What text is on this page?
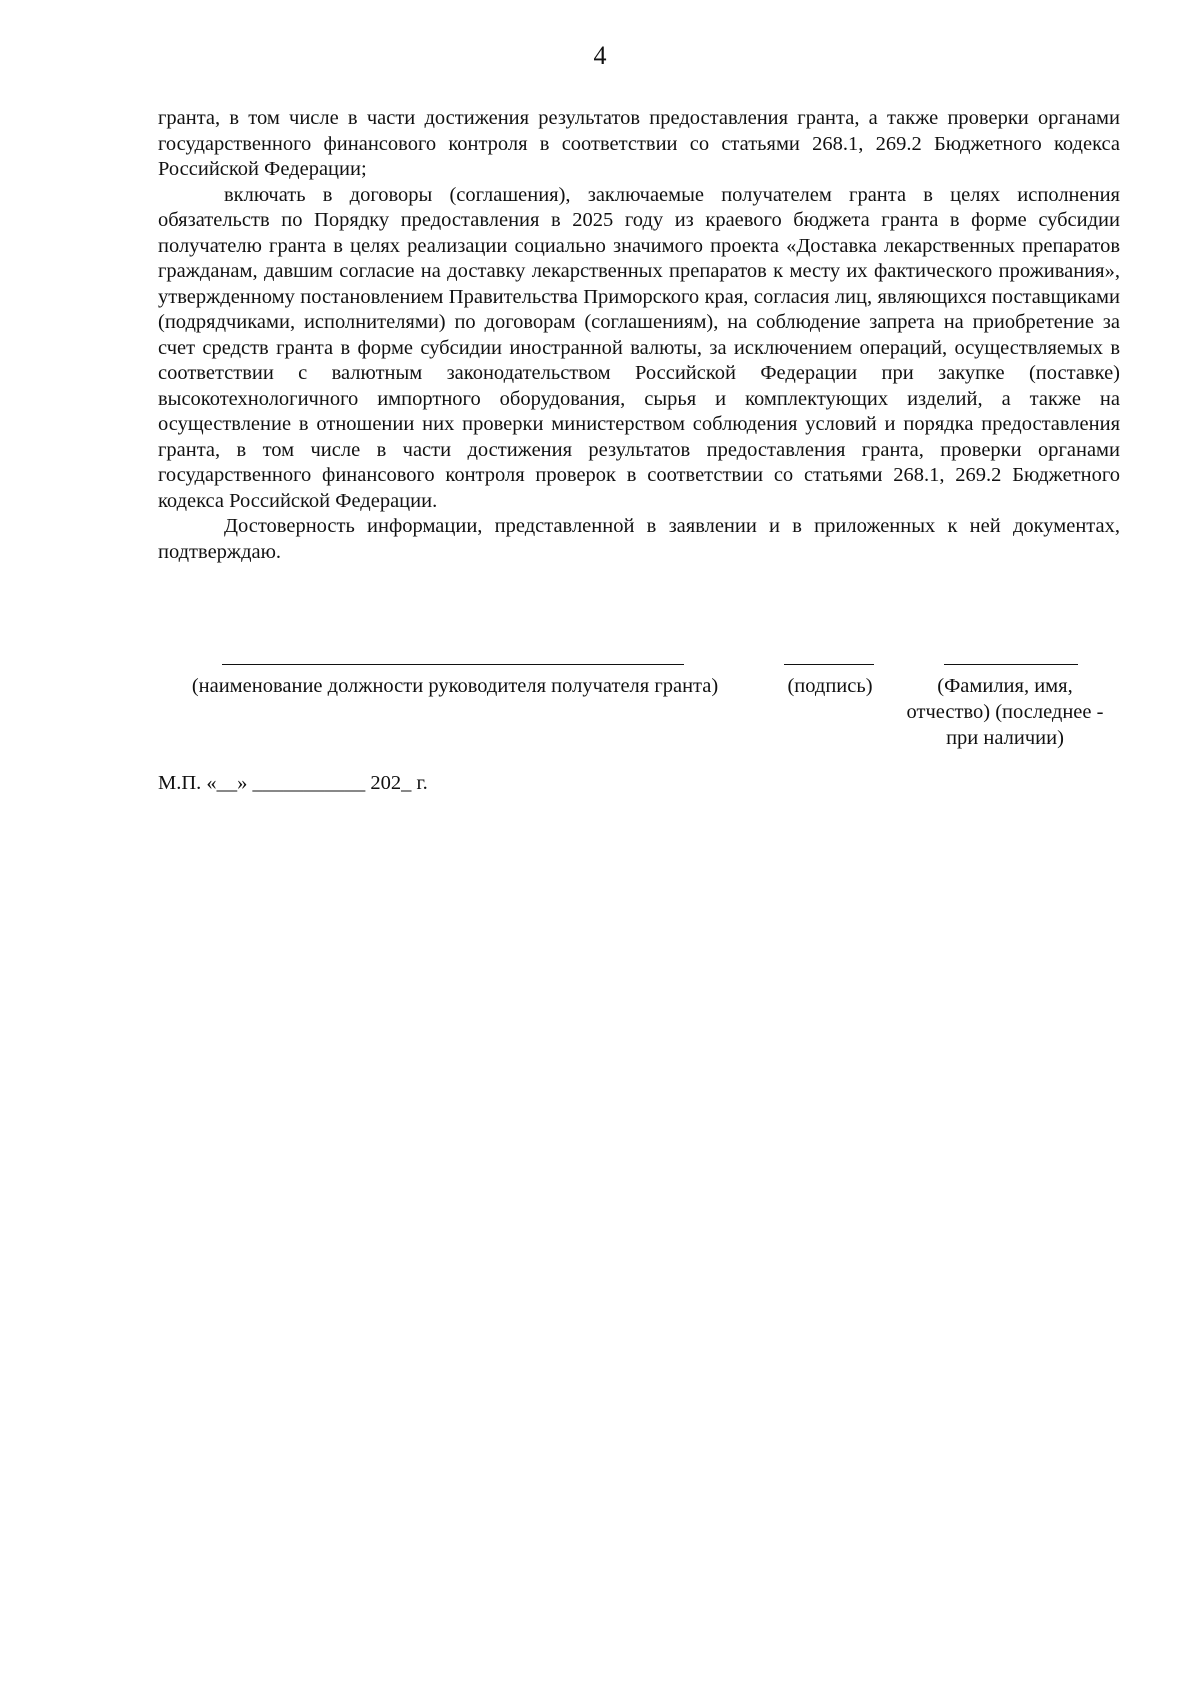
4

гранта, в том числе в части достижения результатов предоставления гранта, а также проверки органами государственного финансового контроля в соответствии со статьями 268.1, 269.2 Бюджетного кодекса Российской Федерации;

включать в договоры (соглашения), заключаемые получателем гранта в целях исполнения обязательств по Порядку предоставления в 2025 году из краевого бюджета гранта в форме субсидии получателю гранта в целях реализации социально значимого проекта «Доставка лекарственных препаратов гражданам, давшим согласие на доставку лекарственных препаратов к месту их фактического проживания», утвержденному постановлением Правительства Приморского края, согласия лиц, являющихся поставщиками (подрядчиками, исполнителями) по договорам (соглашениям), на соблюдение запрета на приобретение за счет средств гранта в форме субсидии иностранной валюты, за исключением операций, осуществляемых в соответствии с валютным законодательством Российской Федерации при закупке (поставке) высокотехнологичного импортного оборудования, сырья и комплектующих изделий, а также на осуществление в отношении них проверки министерством соблюдения условий и порядка предоставления гранта, в том числе в части достижения результатов предоставления гранта, проверки органами государственного финансового контроля проверок в соответствии со статьями 268.1, 269.2 Бюджетного кодекса Российской Федерации.

Достоверность информации, представленной в заявлении и в приложенных к ней документах, подтверждаю.

(наименование должности руководителя получателя гранта)	(подпись)	(Фамилия, имя,
отчество) (последнее -
при наличии)
М.П. «__» ___________ 202_ г.
